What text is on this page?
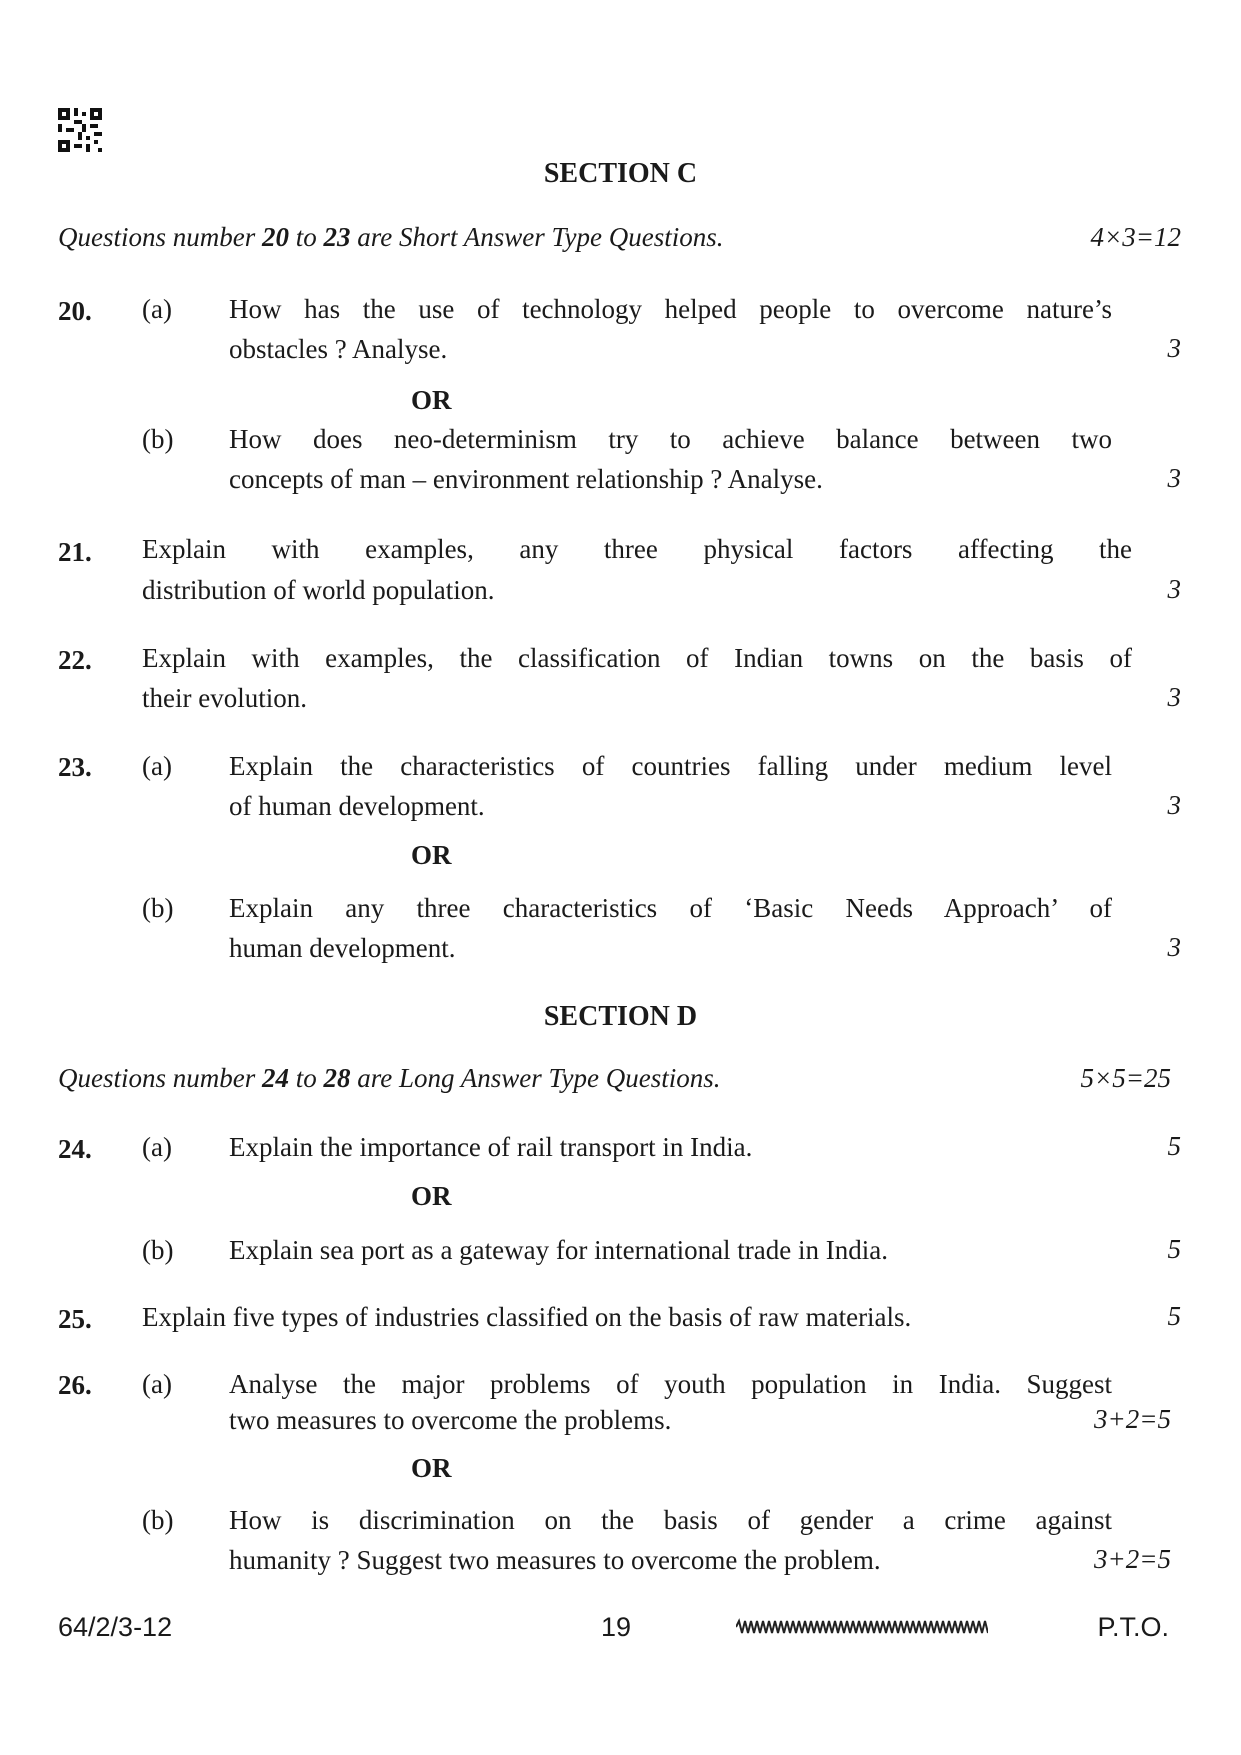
SECTION C
Questions number 20 to 23 are Short Answer Type Questions.	4×3=12
20. (a) How has the use of technology helped people to overcome nature’s
obstacles ? Analyse.	3
OR
(b) How does neo-determinism try to achieve balance between two
concepts of man – environment relationship ? Analyse.	3
21. Explain with examples, any three physical factors affecting the
distribution of world population.	3
22. Explain with examples, the classification of Indian towns on the basis of
their evolution.	3
23. (a) Explain the characteristics of countries falling under medium level
of human development.	3
OR
(b) Explain any three characteristics of ‘Basic Needs Approach’ of
human development.	3
SECTION D
Questions number 24 to 28 are Long Answer Type Questions.	5×5=25
24. (a) Explain the importance of rail transport in India.	5
OR
(b) Explain sea port as a gateway for international trade in India.	5
25. Explain five types of industries classified on the basis of raw materials.	5
26. (a) Analyse the major problems of youth population in India. Suggest
two measures to overcome the problems.	3+2=5
OR
(b) How is discrimination on the basis of gender a crime against
humanity ? Suggest two measures to overcome the problem.	3+2=5
64/2/3-12	19	P.T.O.
